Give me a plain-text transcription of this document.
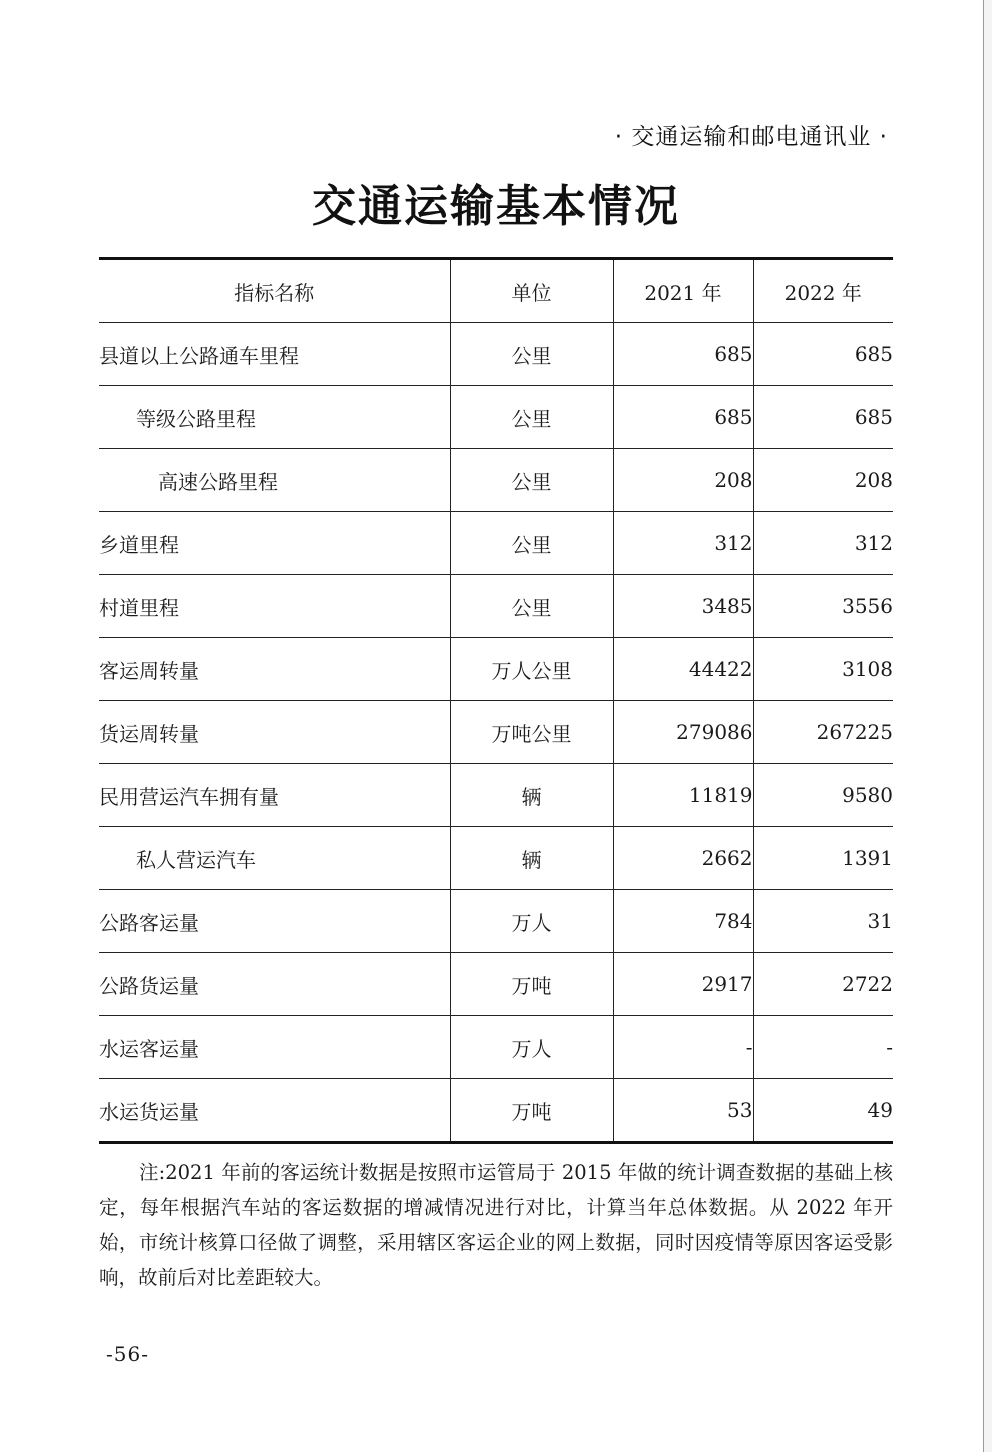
· 交通运输和邮电通讯业 ·
交通运输基本情况
指标名称	单位	2021 年	2022 年
县道以上公路通车里程	公里	685	685
等级公路里程	公里	685	685
高速公路里程	公里	208	208
乡道里程	公里	312	312
村道里程	公里	3485	3556
客运周转量	万人公里	44422	3108
货运周转量	万吨公里	279086	267225
民用营运汽车拥有量	辆	11819	9580
私人营运汽车	辆	2662	1391
公路客运量	万人	784	31
公路货运量	万吨	2917	2722
水运客运量	万人	-	-
水运货运量	万吨	53	49

注:2021 年前的客运统计数据是按照市运管局于 2015 年做的统计调查数据的基础上核定，每年根据汽车站的客运数据的增减情况进行对比，计算当年总体数据。从 2022 年开始，市统计核算口径做了调整，采用辖区客运企业的网上数据，同时因疫情等原因客运受影响，故前后对比差距较大。

-56-
